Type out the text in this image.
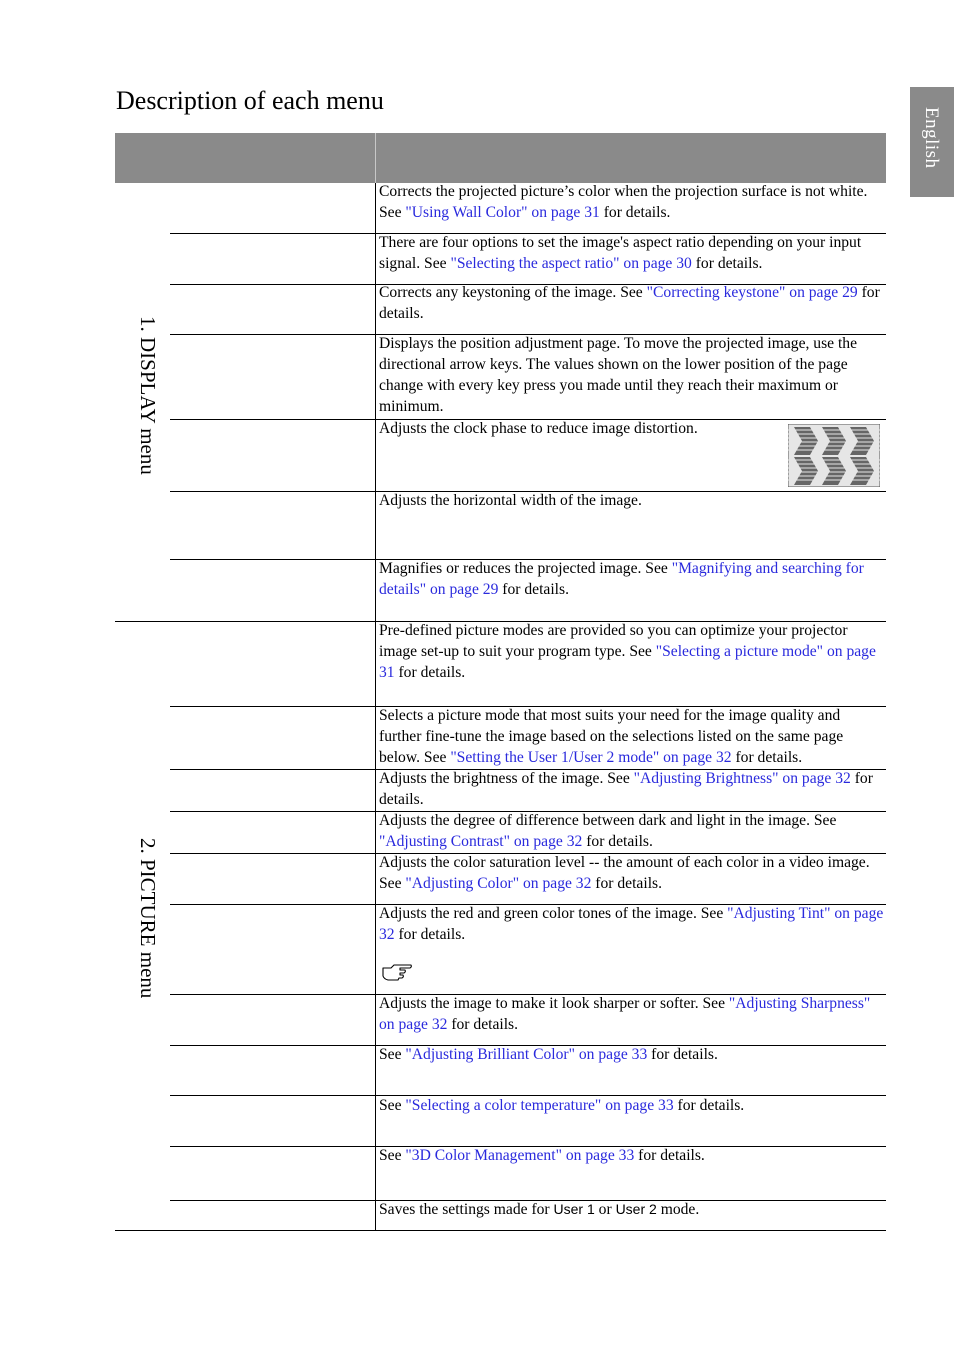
English
Description of each menu
1. DISPLAY menu
2. PICTURE menu
Corrects the projected picture’s color when the projection surface is not white. See "Using Wall Color" on page 31 for details.
There are four options to set the image's aspect ratio depending on your input signal. See "Selecting the aspect ratio" on page 30 for details.
Corrects any keystoning of the image. See "Correcting keystone" on page 29 for details.
Displays the position adjustment page. To move the projected image, use the directional arrow keys. The values shown on the lower position of the page change with every key press you made until they reach their maximum or minimum.
Adjusts the clock phase to reduce image distortion.
Adjusts the horizontal width of the image.
Magnifies or reduces the projected image. See "Magnifying and searching for details" on page 29 for details.
Pre-defined picture modes are provided so you can optimize your projector image set-up to suit your program type. See "Selecting a picture mode" on page 31 for details.
Selects a picture mode that most suits your need for the image quality and further fine-tune the image based on the selections listed on the same page below. See "Setting the User 1/User 2 mode" on page 32 for details.
Adjusts the brightness of the image. See "Adjusting Brightness" on page 32 for details.
Adjusts the degree of difference between dark and light in the image. See "Adjusting Contrast" on page 32 for details.
Adjusts the color saturation level -- the amount of each color in a video image. See "Adjusting Color" on page 32 for details.
Adjusts the red and green color tones of the image. See "Adjusting Tint" on page 32 for details.
Adjusts the image to make it look sharper or softer. See "Adjusting Sharpness" on page 32 for details.
See "Adjusting Brilliant Color" on page 33 for details.
See "Selecting a color temperature" on page 33 for details.
See "3D Color Management" on page 33 for details.
Saves the settings made for User 1 or User 2 mode.
